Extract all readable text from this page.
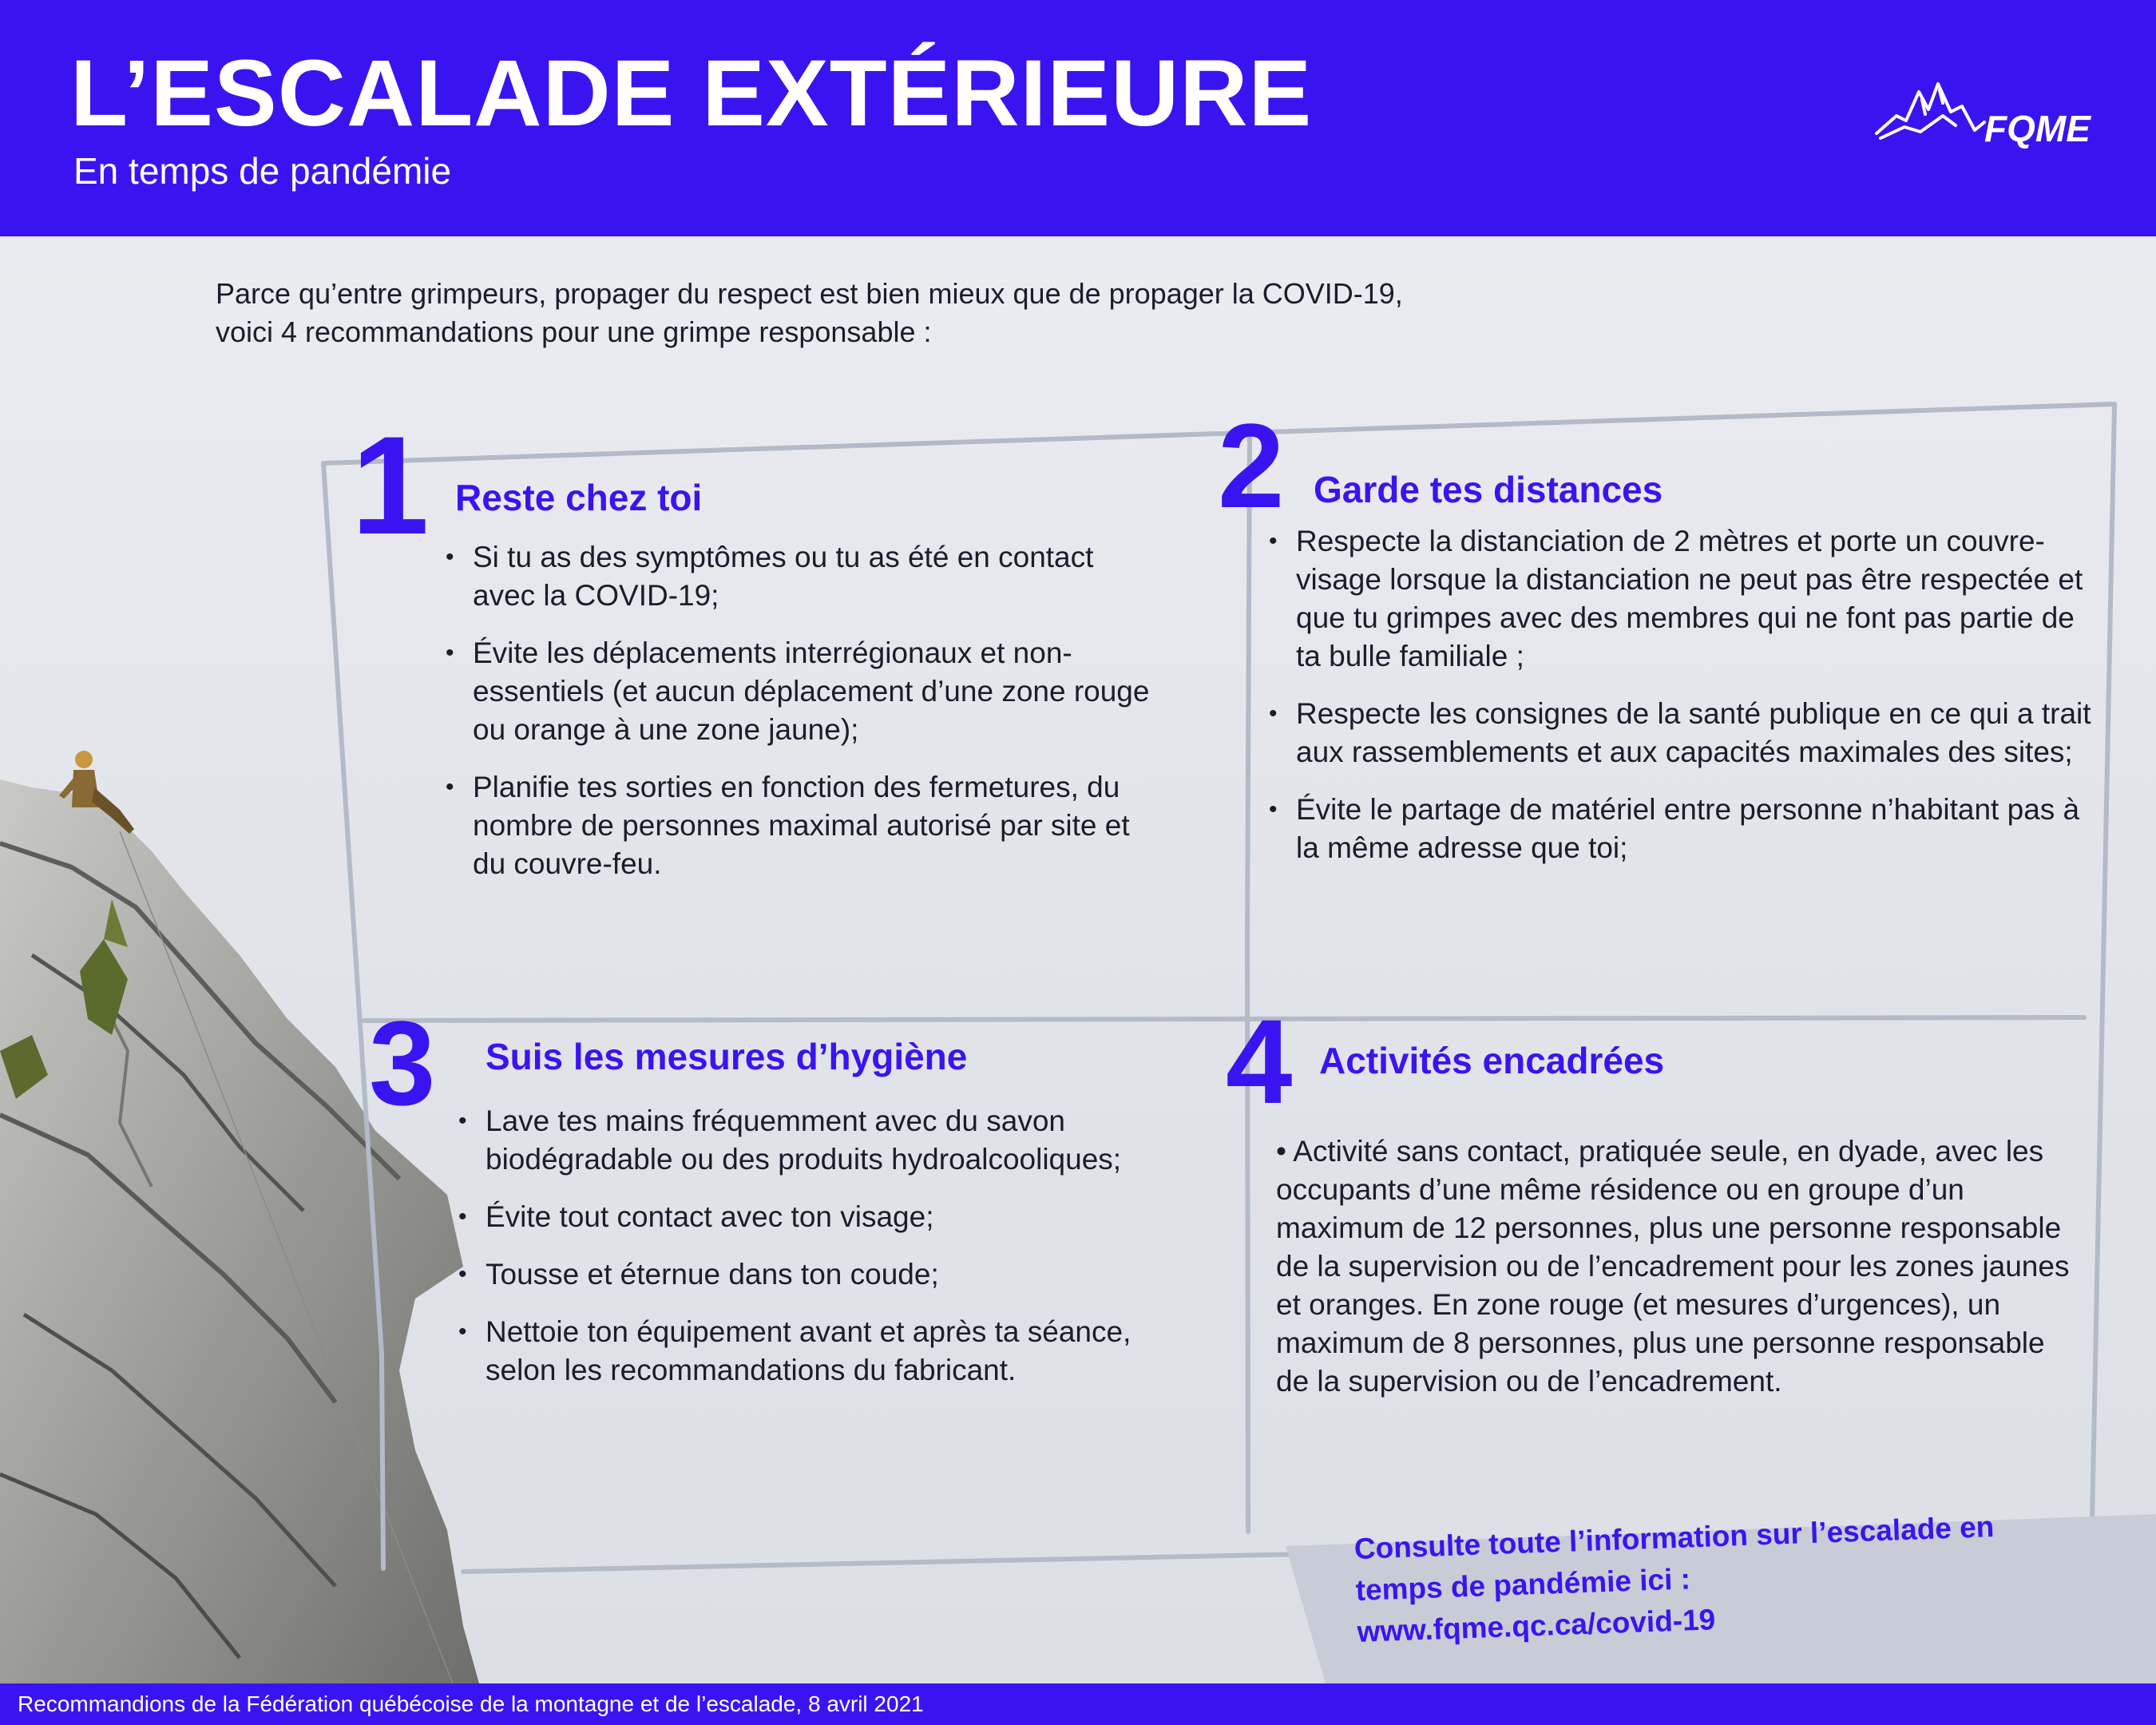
L’ESCALADE EXTÉRIEURE
En temps de pandémie
FQME

Parce qu’entre grimpeurs, propager du respect est bien mieux que de propager la COVID-19,

voici 4 recommandations pour une grimpe responsable :

1 Reste chez toi
• Si tu as des symptômes ou tu as été en contact avec la COVID-19;
• Évite les déplacements interrégionaux et non-essentiels (et aucun déplacement d’une zone rouge ou orange à une zone jaune);
• Planifie tes sorties en fonction des fermetures, du nombre de personnes maximal autorisé par site et du couvre-feu.
2 Garde tes distances
• Respecte la distanciation de 2 mètres et porte un couvre-visage lorsque la distanciation ne peut pas être respectée et que tu grimpes avec des membres qui ne font pas partie de ta bulle familiale ;
• Respecte les consignes de la santé publique en ce qui a trait aux rassemblements et aux capacités maximales des sites;
• Évite le partage de matériel entre personne n’habitant pas à la même adresse que toi;
3 Suis les mesures d’hygiène
• Lave tes mains fréquemment avec du savon biodégradable ou des produits hydroalcooliques;
• Évite tout contact avec ton visage;
• Tousse et éternue dans ton coude;
• Nettoie ton équipement avant et après ta séance, selon les recommandations du fabricant.
4 Activités encadrées

• Activité sans contact, pratiquée seule, en dyade, avec les occupants d’une même résidence ou en groupe d’un maximum de 12 personnes, plus une personne responsable de la supervision ou de l’encadrement pour les zones jaunes et oranges. En zone rouge (et mesures d’urgences), un maximum de 8 personnes, plus une personne responsable de la supervision ou de l’encadrement.

Consulte toute l’information sur l’escalade en
temps de pandémie ici :
www.fqme.qc.ca/covid-19
Recommandions de la Fédération québécoise de la montagne et de l’escalade, 8 avril 2021
